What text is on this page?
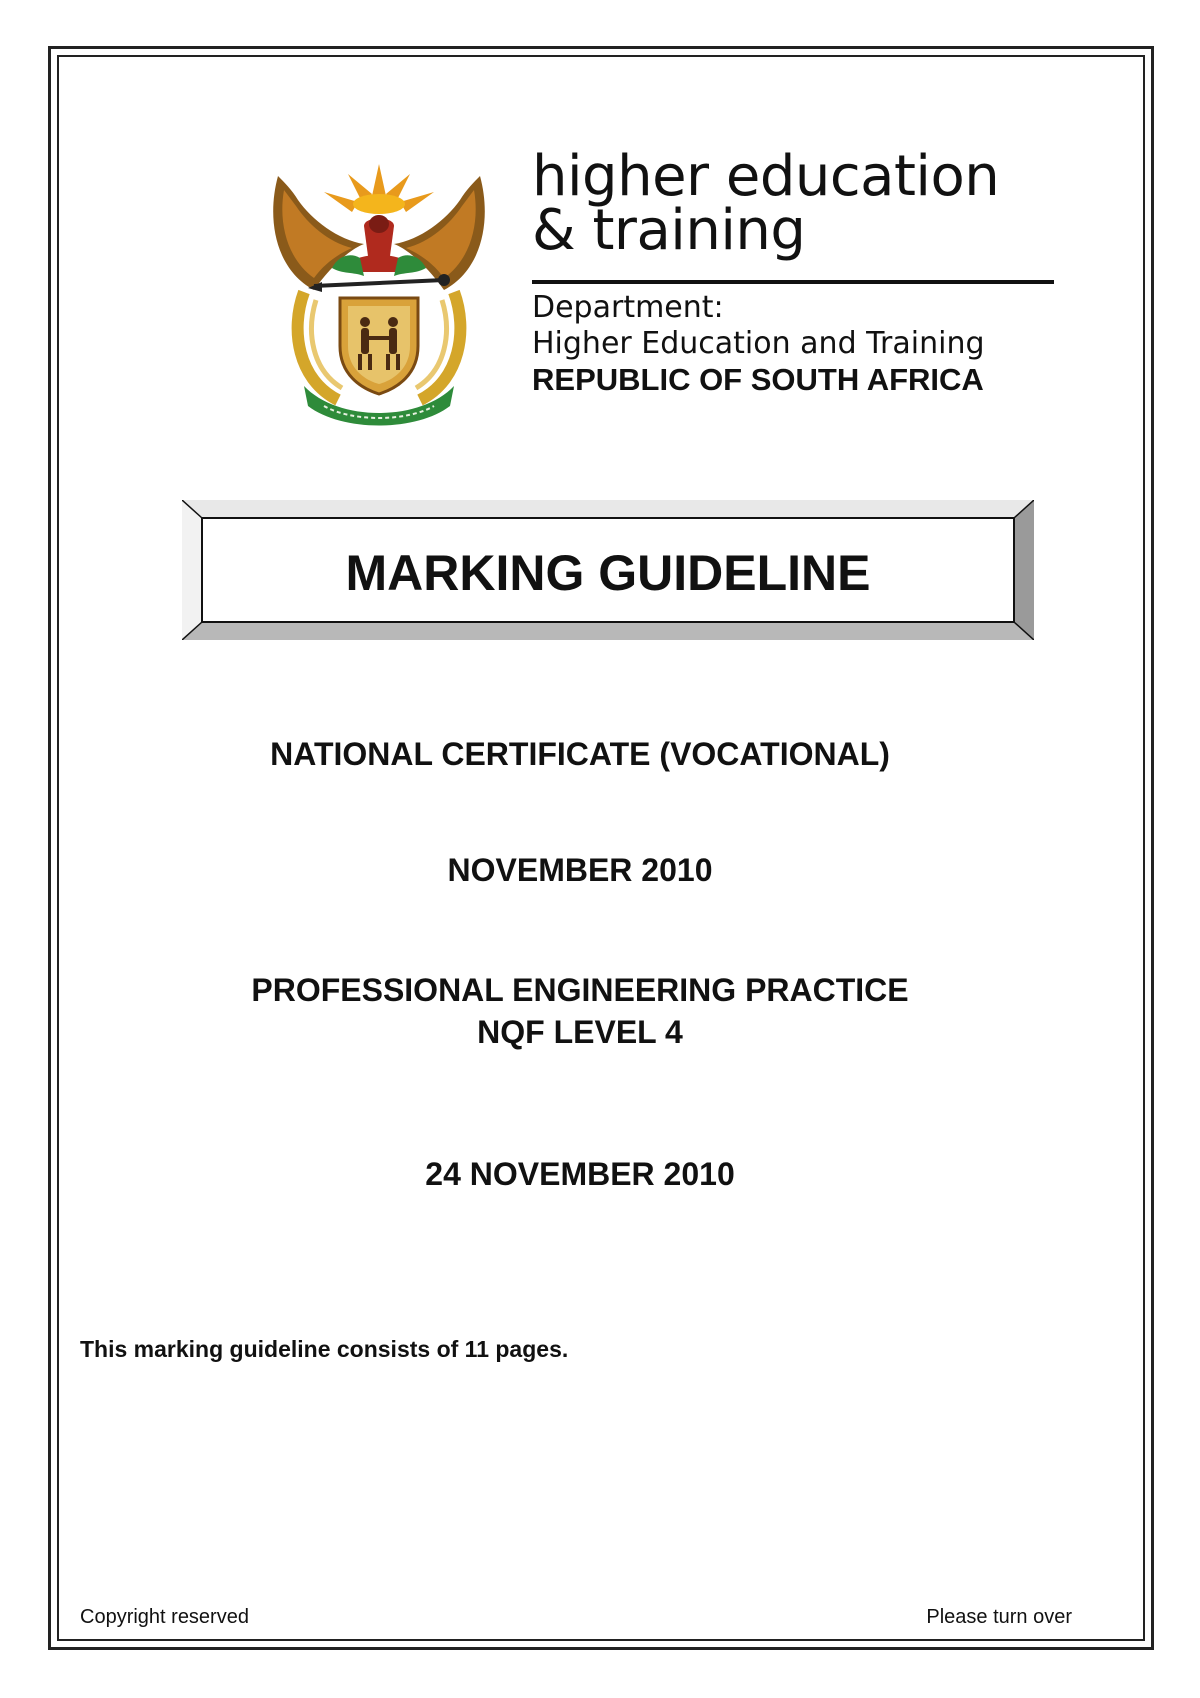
higher education
& training
Department:
Higher Education and Training
REPUBLIC OF SOUTH AFRICA
MARKING GUIDELINE
NATIONAL CERTIFICATE (VOCATIONAL)
NOVEMBER 2010
PROFESSIONAL ENGINEERING PRACTICE
NQF LEVEL 4
24 NOVEMBER 2010
This marking guideline consists of 11 pages.
Copyright reserved	Please turn over
